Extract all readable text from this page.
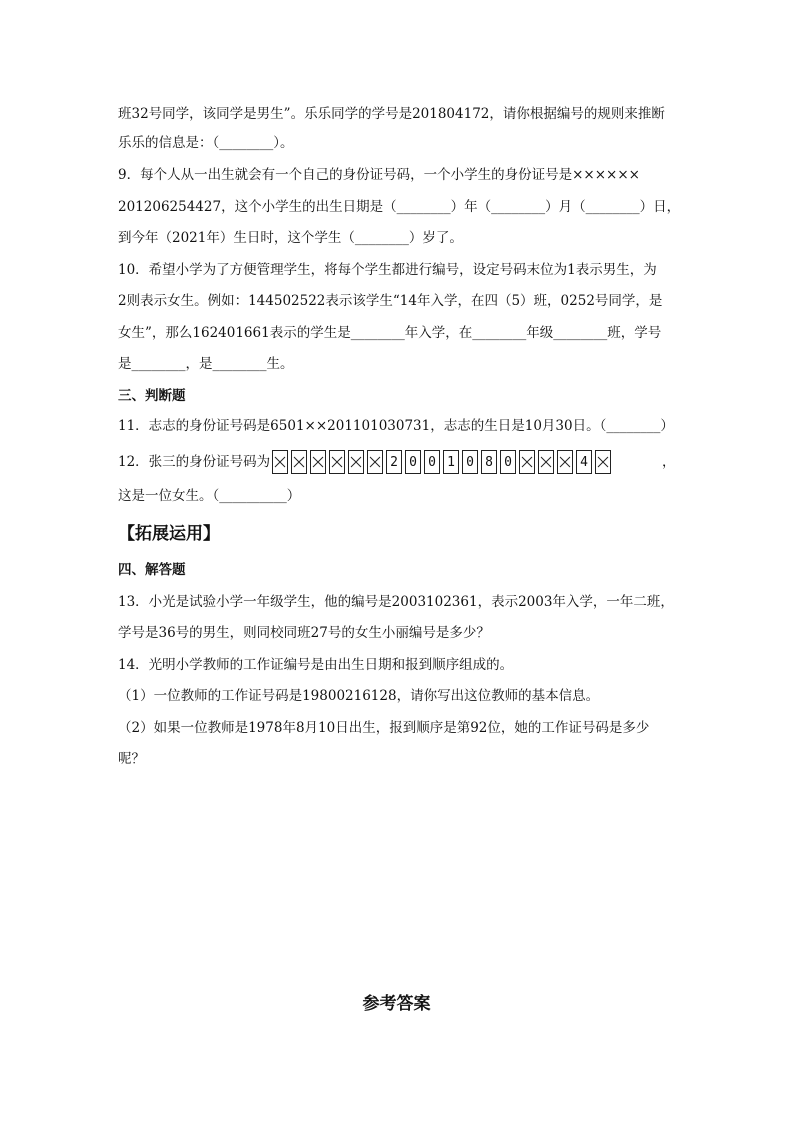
班32号同学，该同学是男生”。乐乐同学的学号是201804172，请你根据编号的规则来推断
乐乐的信息是：（________）。
9．每个人从一出生就会有一个自己的身份证号码，一个小学生的身份证号是××××××
201206254427，这个小学生的出生日期是（________）年（________）月（________）日，
到今年（2021年）生日时，这个学生（________）岁了。
10．希望小学为了方便管理学生，将每个学生都进行编号，设定号码末位为1表示男生，为
2则表示女生。例如：144502522表示该学生“14年入学，在四（5）班，0252号同学，是
女生”，那么162401661表示的学生是________年入学，在________年级________班，学号
是________，是________生。
三、判断题
11．志志的身份证号码是6501××201101030731，志志的生日是10月30日。（________）
12．张三的身份证号码为	2 0 0 1 0 8 0	4	，
这是一位女生。（__________）
【拓展运用】
四、解答题
13．小光是试验小学一年级学生，他的编号是2003102361，表示2003年入学，一年二班，
学号是36号的男生，则同校同班27号的女生小丽编号是多少？
14．光明小学教师的工作证编号是由出生日期和报到顺序组成的。
（1）一位教师的工作证号码是19800216128，请你写出这位教师的基本信息。
（2）如果一位教师是1978年8月10日出生，报到顺序是第92位，她的工作证号码是多少
呢？
参考答案
